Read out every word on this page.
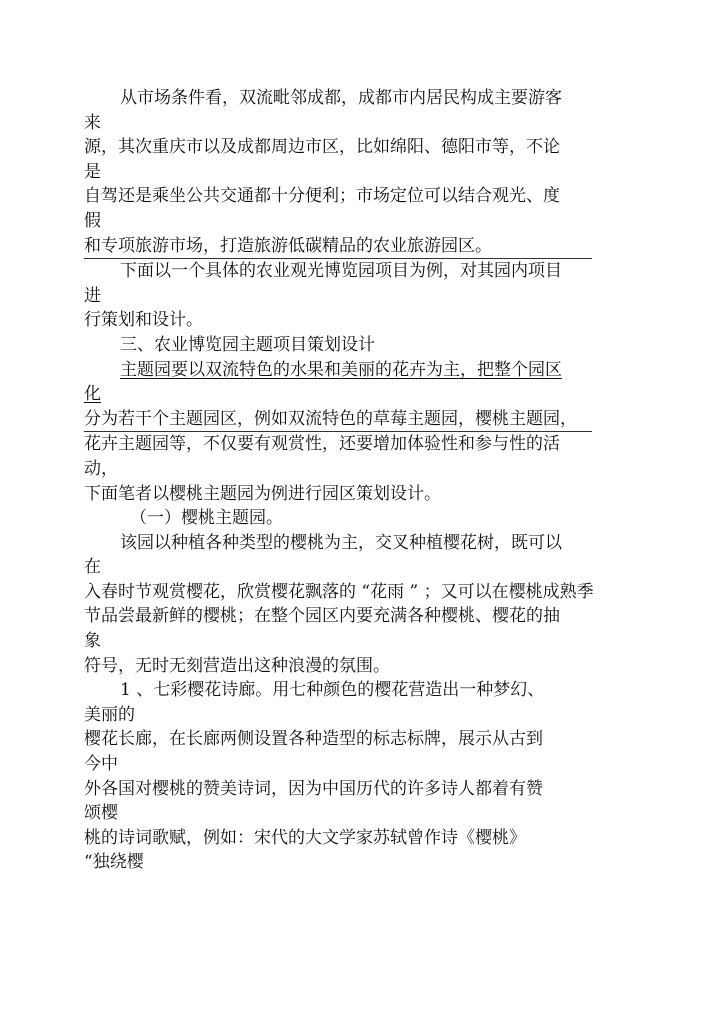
从市场条件看，双流毗邻成都，成都市内居民构成主要游客
来
源，其次重庆市以及成都周边市区，比如绵阳、德阳市等，不论
是
自驾还是乘坐公共交通都十分便利；市场定位可以结合观光、度
假
和专项旅游市场，打造旅游低碳精品的农业旅游园区。
下面以一个具体的农业观光博览园项目为例，对其园内项目
进
行策划和设计。
三、农业博览园主题项目策划设计
主题园要以双流特色的水果和美丽的花卉为主，把整个园区
化
分为若干个主题园区，例如双流特色的草莓主题园，樱桃主题园，
花卉主题园等，不仅要有观赏性，还要增加体验性和参与性的活
动，
下面笔者以樱桃主题园为例进行园区策划设计。
（一）樱桃主题园。
该园以种植各种类型的樱桃为主，交叉种植樱花树，既可以
在
入春时节观赏樱花，欣赏樱花飘落的 “花雨 ” ；又可以在樱桃成熟季
节品尝最新鲜的樱桃；在整个园区内要充满各种樱桃、樱花的抽
象
符号，无时无刻营造出这种浪漫的氛围。
1 、七彩樱花诗廊。用七种颜色的樱花营造出一种梦幻、
美丽的
樱花长廊，在长廊两侧设置各种造型的标志标牌，展示从古到
今中
外各国对樱桃的赞美诗词，因为中国历代的许多诗人都着有赞
颂樱
桃的诗词歌赋，例如：宋代的大文学家苏轼曾作诗《樱桃》
“独绕樱
